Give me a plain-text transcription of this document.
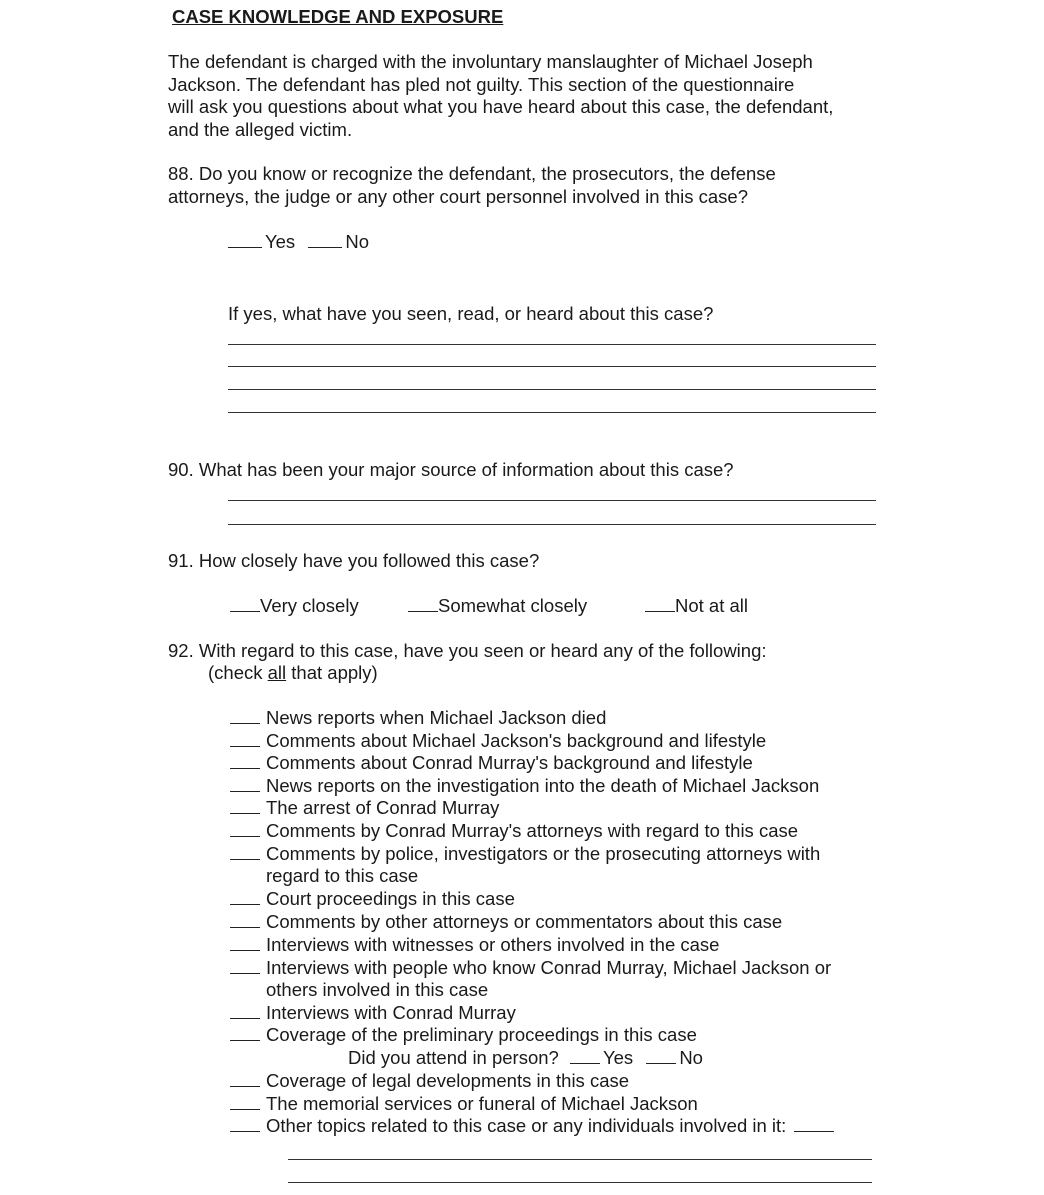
CASE KNOWLEDGE AND EXPOSURE
The defendant is charged with the involuntary manslaughter of Michael Joseph
Jackson. The defendant has pled not guilty. This section of the questionnaire
will ask you questions about what you have heard about this case, the defendant,
and the alleged victim.
88. Do you know or recognize the defendant, the prosecutors, the defense
attorneys, the judge or any other court personnel involved in this case?
Yes	No
If yes, what have you seen, read, or heard about this case?
90. What has been your major source of information about this case?
91. How closely have you followed this case?
Very closely	Somewhat closely	Not at all
92. With regard to this case, have you seen or heard any of the following:
(check all that apply)
News reports when Michael Jackson died
Comments about Michael Jackson's background and lifestyle
Comments about Conrad Murray's background and lifestyle
News reports on the investigation into the death of Michael Jackson
The arrest of Conrad Murray
Comments by Conrad Murray's attorneys with regard to this case
Comments by police, investigators or the prosecuting attorneys with
regard to this case
Court proceedings in this case
Comments by other attorneys or commentators about this case
Interviews with witnesses or others involved in the case
Interviews with people who know Conrad Murray, Michael Jackson or
others involved in this case
Interviews with Conrad Murray
Coverage of the preliminary proceedings in this case
Did you attend in person? Yes No
Coverage of legal developments in this case
The memorial services or funeral of Michael Jackson
Other topics related to this case or any individuals involved in it:
